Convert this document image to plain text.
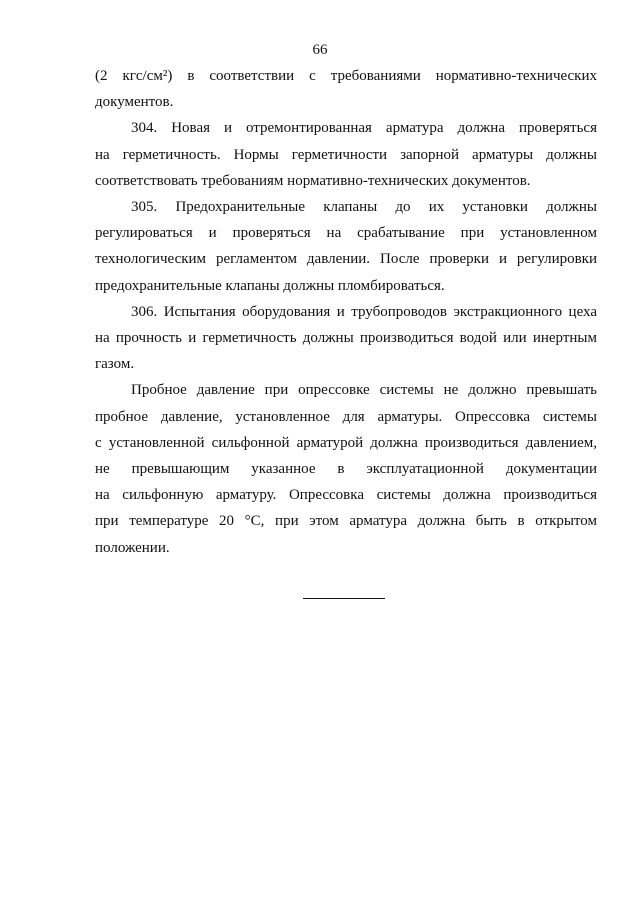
66
(2 кгс/см²) в соответствии с требованиями нормативно-технических
документов.
304. Новая и отремонтированная арматура должна проверяться
на герметичность. Нормы герметичности запорной арматуры должны
соответствовать требованиям нормативно-технических документов.
305. Предохранительные клапаны до их установки должны
регулироваться и проверяться на срабатывание при установленном
технологическим регламентом давлении. После проверки и регулировки
предохранительные клапаны должны пломбироваться.
306. Испытания оборудования и трубопроводов экстракционного цеха
на прочность и герметичность должны производиться водой или инертным
газом.
Пробное давление при опрессовке системы не должно превышать
пробное давление, установленное для арматуры. Опрессовка системы
с установленной сильфонной арматурой должна производиться давлением,
не превышающим указанное в эксплуатационной документации
на сильфонную арматуру. Опрессовка системы должна производиться
при температуре 20 °С, при этом арматура должна быть в открытом
положении.
